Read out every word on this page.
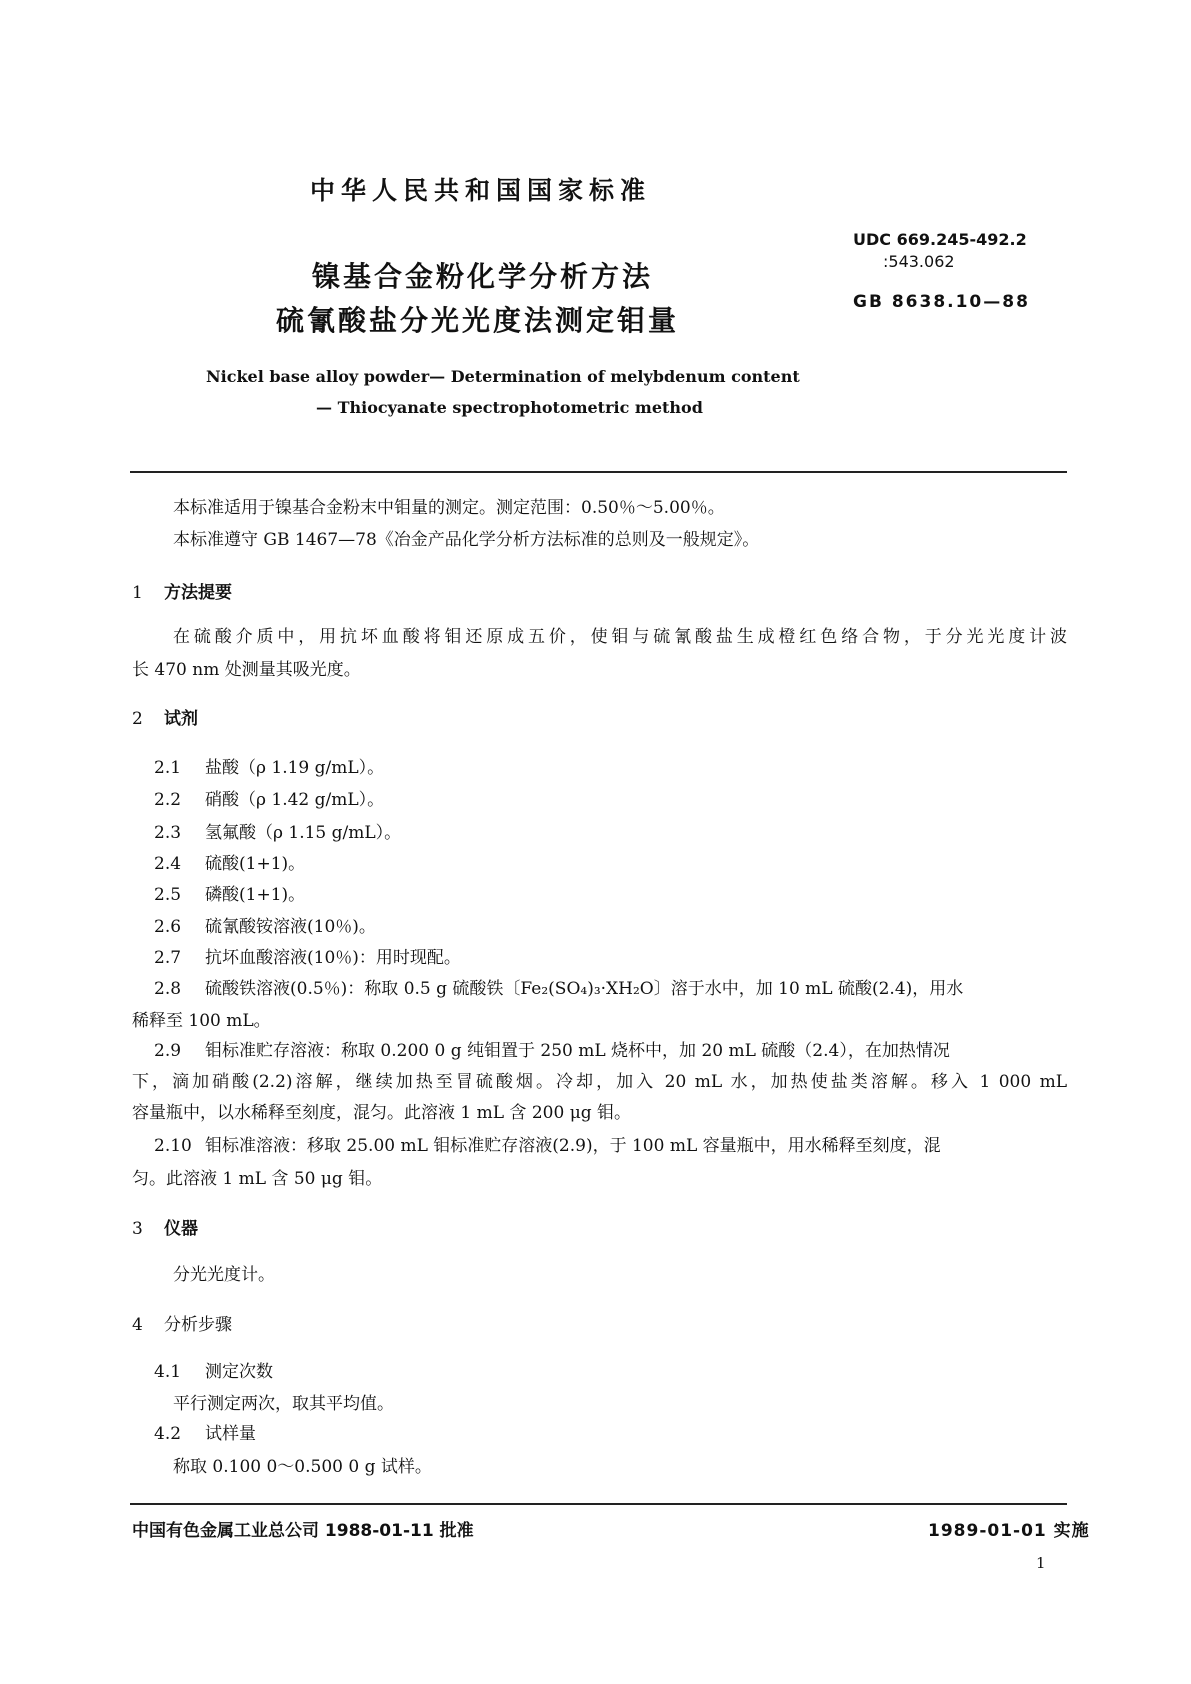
中华人民共和国国家标准
UDC 669.245-492.2
:543.062
GB 8638.10—88
镍基合金粉化学分析方法
硫氰酸盐分光光度法测定钼量
Nickel base alloy powder— Determination of melybdenum content
— Thiocyanate spectrophotometric method
本标准适用于镍基合金粉末中钼量的测定。测定范围：0.50％～5.00％。
本标准遵守 GB 1467—78《冶金产品化学分析方法标准的总则及一般规定》。
1 方法提要
在硫酸介质中，用抗坏血酸将钼还原成五价，使钼与硫氰酸盐生成橙红色络合物，于分光光度计波
长 470 nm 处测量其吸光度。
2 试剂
2.1 盐酸（ρ 1.19 g/mL）。
2.2 硝酸（ρ 1.42 g/mL）。
2.3 氢氟酸（ρ 1.15 g/mL）。
2.4 硫酸(1+1)。
2.5 磷酸(1+1)。
2.6 硫氰酸铵溶液(10％)。
2.7 抗坏血酸溶液(10％)：用时现配。
2.8 硫酸铁溶液(0.5％)：称取 0.5 g 硫酸铁〔Fe₂(SO₄)₃·XH₂O〕溶于水中，加 10 mL 硫酸(2.4)，用水
稀释至 100 mL。
2.9 钼标准贮存溶液：称取 0.200 0 g 纯钼置于 250 mL 烧杯中，加 20 mL 硫酸（2.4），在加热情况
下，滴加硝酸(2.2)溶解，继续加热至冒硫酸烟。冷却，加入 20 mL 水，加热使盐类溶解。移入 1 000 mL
容量瓶中，以水稀释至刻度，混匀。此溶液 1 mL 含 200 μg 钼。
2.10 钼标准溶液：移取 25.00 mL 钼标准贮存溶液(2.9)，于 100 mL 容量瓶中，用水稀释至刻度，混
匀。此溶液 1 mL 含 50 μg 钼。
3 仪器
分光光度计。
4 分析步骤
4.1 测定次数
平行测定两次，取其平均值。
4.2 试样量
称取 0.100 0～0.500 0 g 试样。
中国有色金属工业总公司 1988-01-11 批准	1989-01-01 实施
1
